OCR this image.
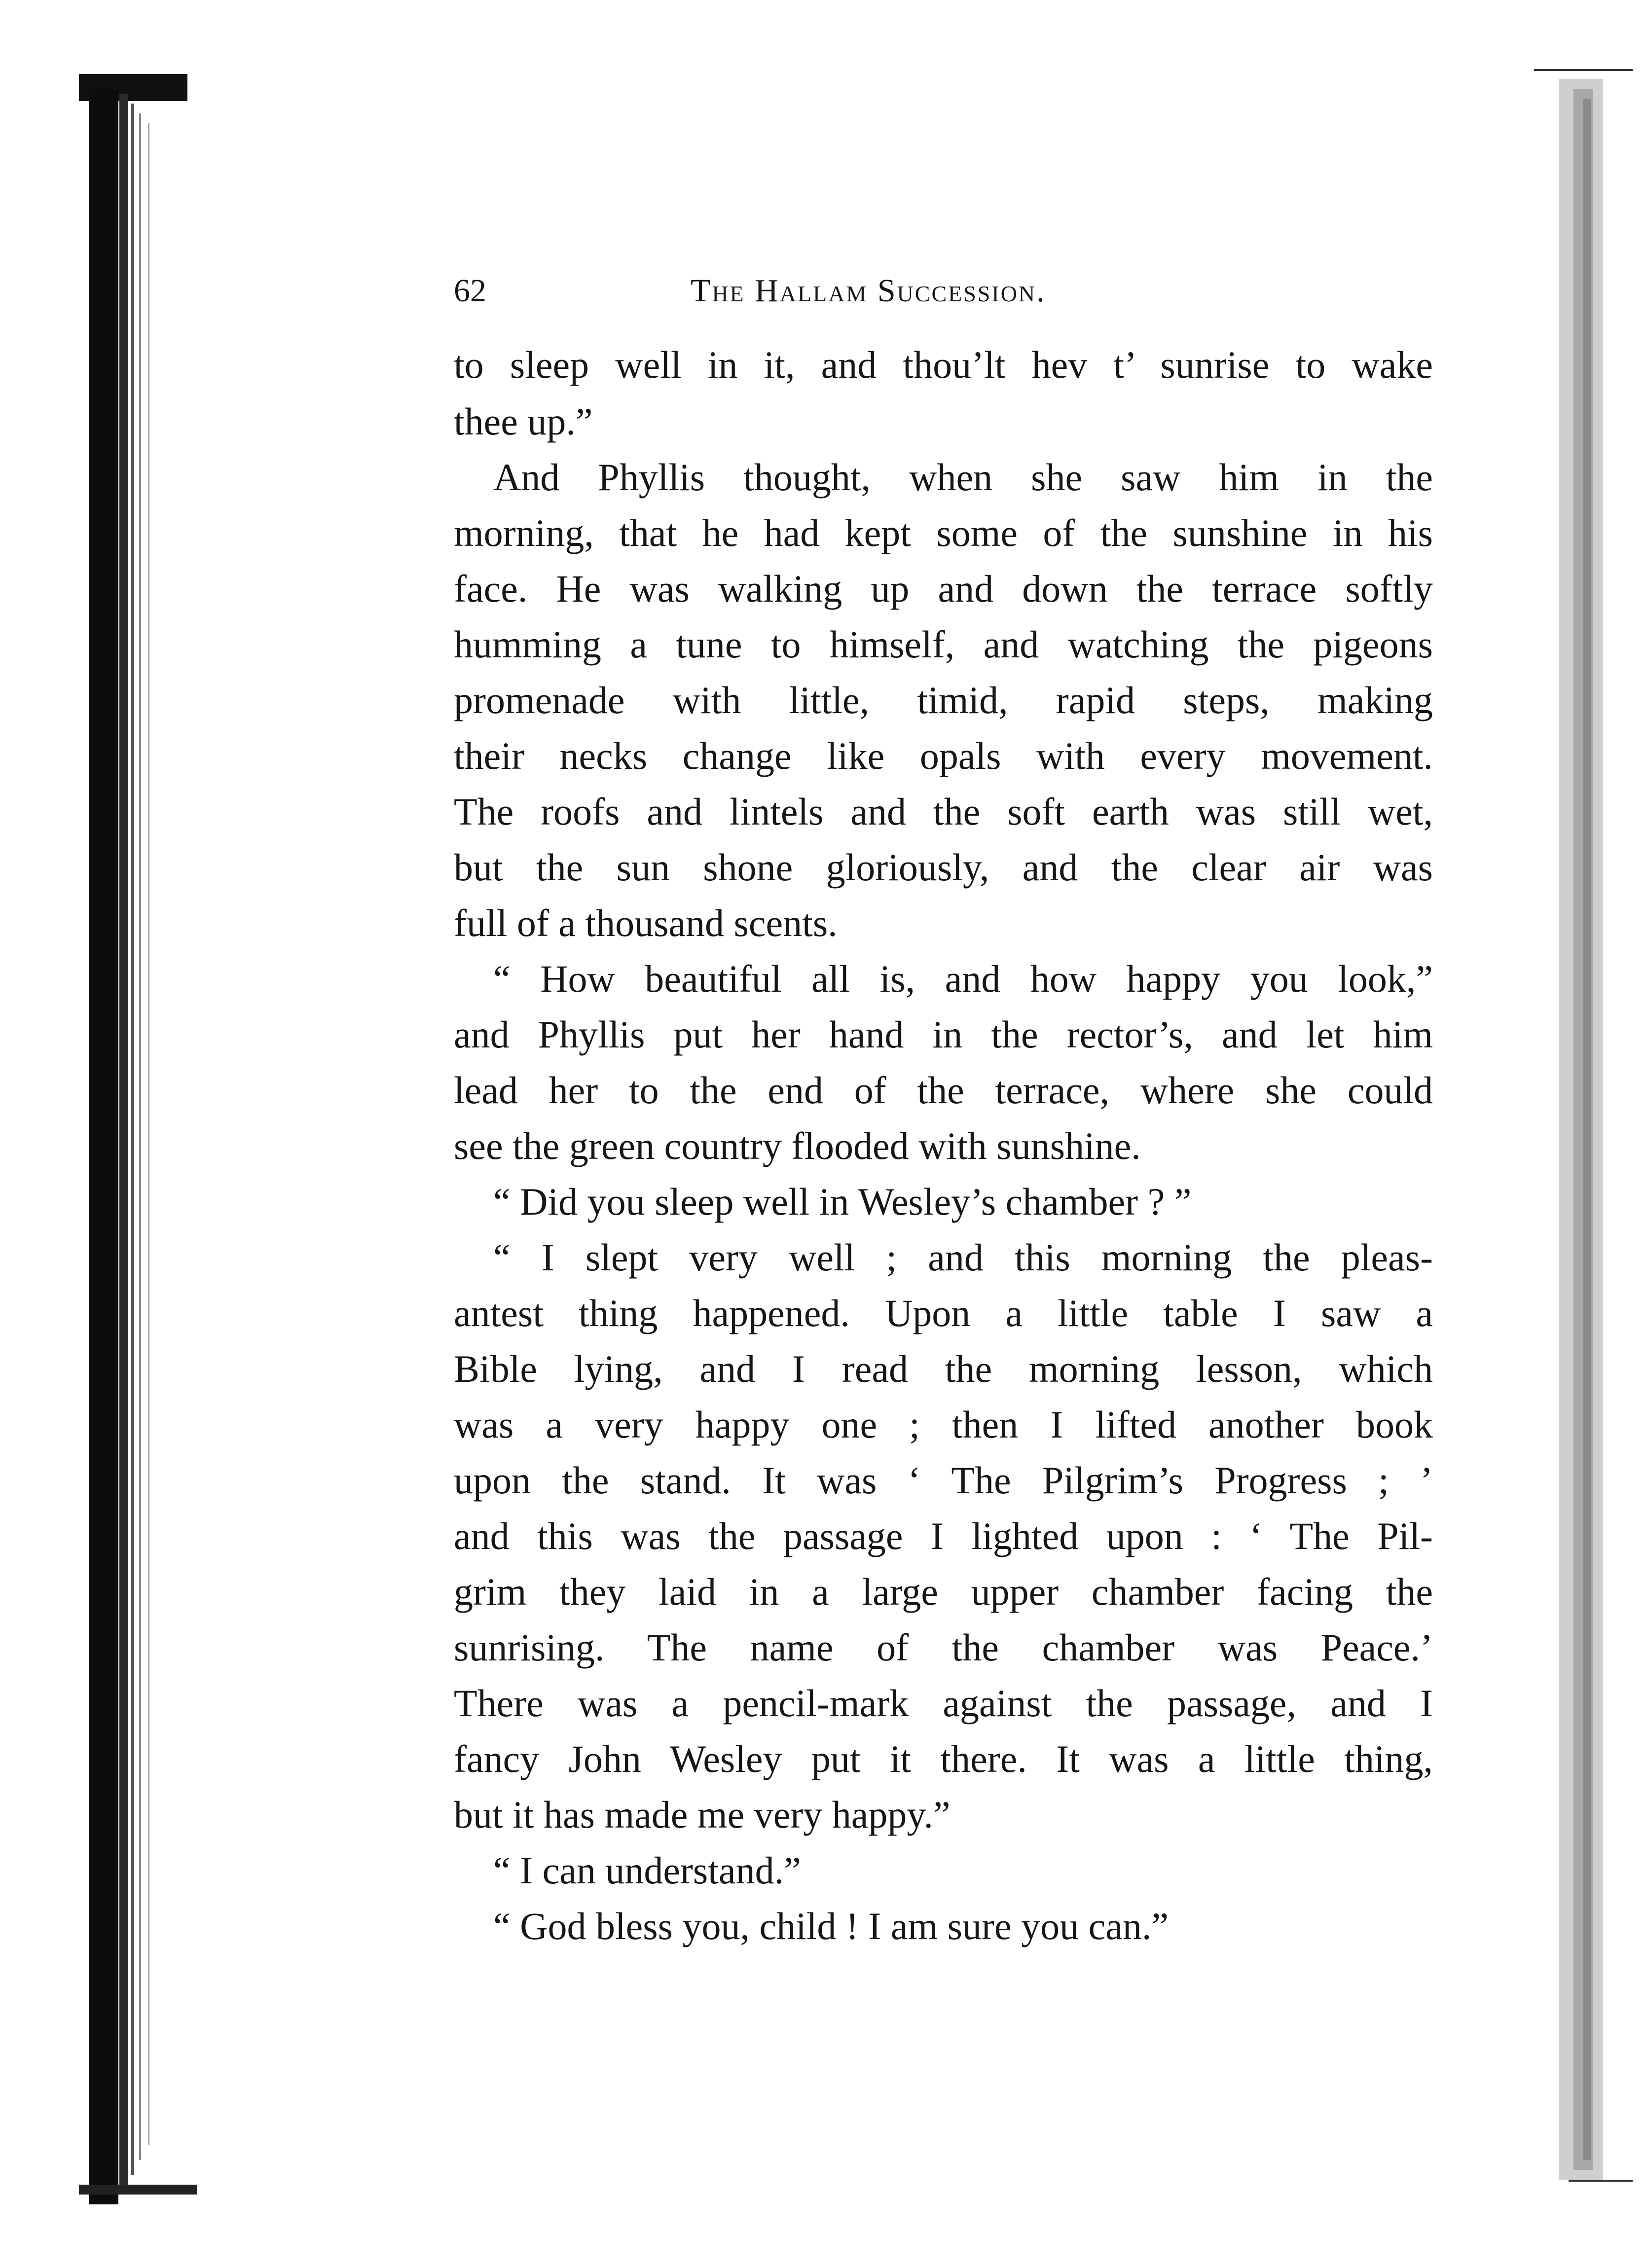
62	The Hallam Succession.
to sleep well in it, and thou’lt hev t’ sunrise to wake
thee up.”
And Phyllis thought, when she saw him in the
morning, that he had kept some of the sunshine in his
face. He was walking up and down the terrace softly
humming a tune to himself, and watching the pigeons
promenade with little, timid, rapid steps, making
their necks change like opals with every movement.
The roofs and lintels and the soft earth was still wet,
but the sun shone gloriously, and the clear air was
full of a thousand scents.
“ How beautiful all is, and how happy you look,”
and Phyllis put her hand in the rector’s, and let him
lead her to the end of the terrace, where she could
see the green country flooded with sunshine.
“ Did you sleep well in Wesley’s chamber ? ”
“ I slept very well ; and this morning the pleas-
antest thing happened. Upon a little table I saw a
Bible lying, and I read the morning lesson, which
was a very happy one ; then I lifted another book
upon the stand. It was ‘ The Pilgrim’s Progress ; ’
and this was the passage I lighted upon : ‘ The Pil-
grim they laid in a large upper chamber facing the
sunrising. The name of the chamber was Peace.’
There was a pencil-mark against the passage, and I
fancy John Wesley put it there. It was a little thing,
but it has made me very happy.”
“ I can understand.”
“ God bless you, child ! I am sure you can.”
